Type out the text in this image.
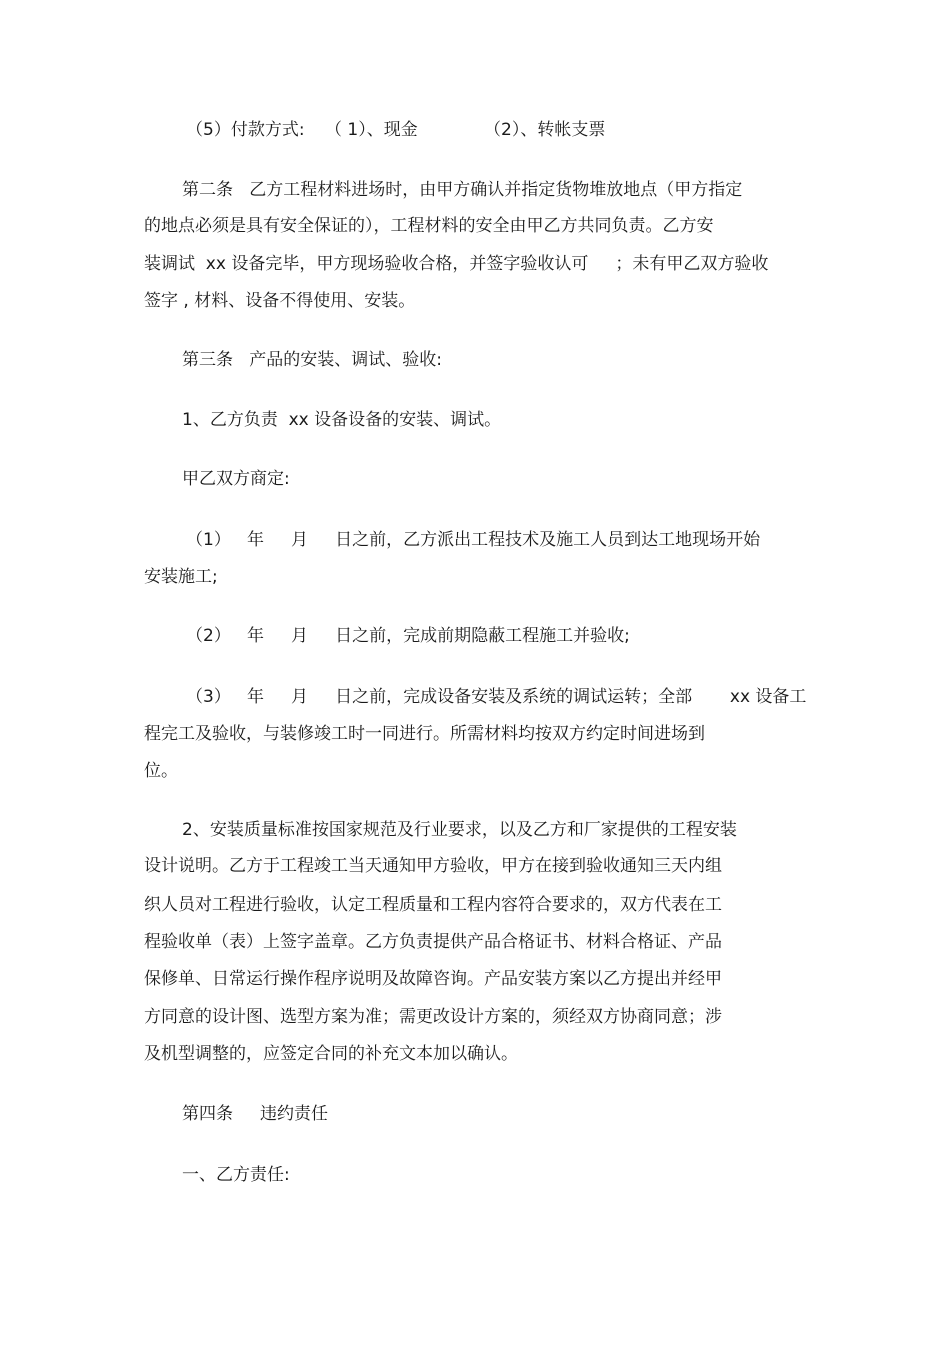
（5）付款方式: （ 1）、现金	（2）、转帐支票
第二条   乙方工程材料进场时，由甲方确认并指定货物堆放地点（甲方指定
的地点必须是具有安全保证的），工程材料的安全由甲乙方共同负责。乙方安
装调试  xx 设备完毕，甲方现场验收合格，并签字验收认可     ；未有甲乙双方验收
签字 , 材料、设备不得使用、安装。
第三条   产品的安装、调试、验收:
1、乙方负责  xx 设备设备的安装、调试。
甲乙双方商定:
（1）   年     月     日之前，乙方派出工程技术及施工人员到达工地现场开始
安装施工;
（2）   年     月     日之前，完成前期隐蔽工程施工并验收;
（3）   年     月     日之前，完成设备安装及系统的调试运转；全部       xx 设备工
程完工及验收，与装修竣工时一同进行。所需材料均按双方约定时间进场到
位。
2、安装质量标准按国家规范及行业要求，以及乙方和厂家提供的工程安装
设计说明。乙方于工程竣工当天通知甲方验收，甲方在接到验收通知三天内组
织人员对工程进行验收，认定工程质量和工程内容符合要求的，双方代表在工
程验收单（表）上签字盖章。乙方负责提供产品合格证书、材料合格证、产品
保修单、日常运行操作程序说明及故障咨询。产品安装方案以乙方提出并经甲
方同意的设计图、选型方案为准；需更改设计方案的，须经双方协商同意；涉
及机型调整的，应签定合同的补充文本加以确认。
第四条     违约责任
一、乙方责任:
